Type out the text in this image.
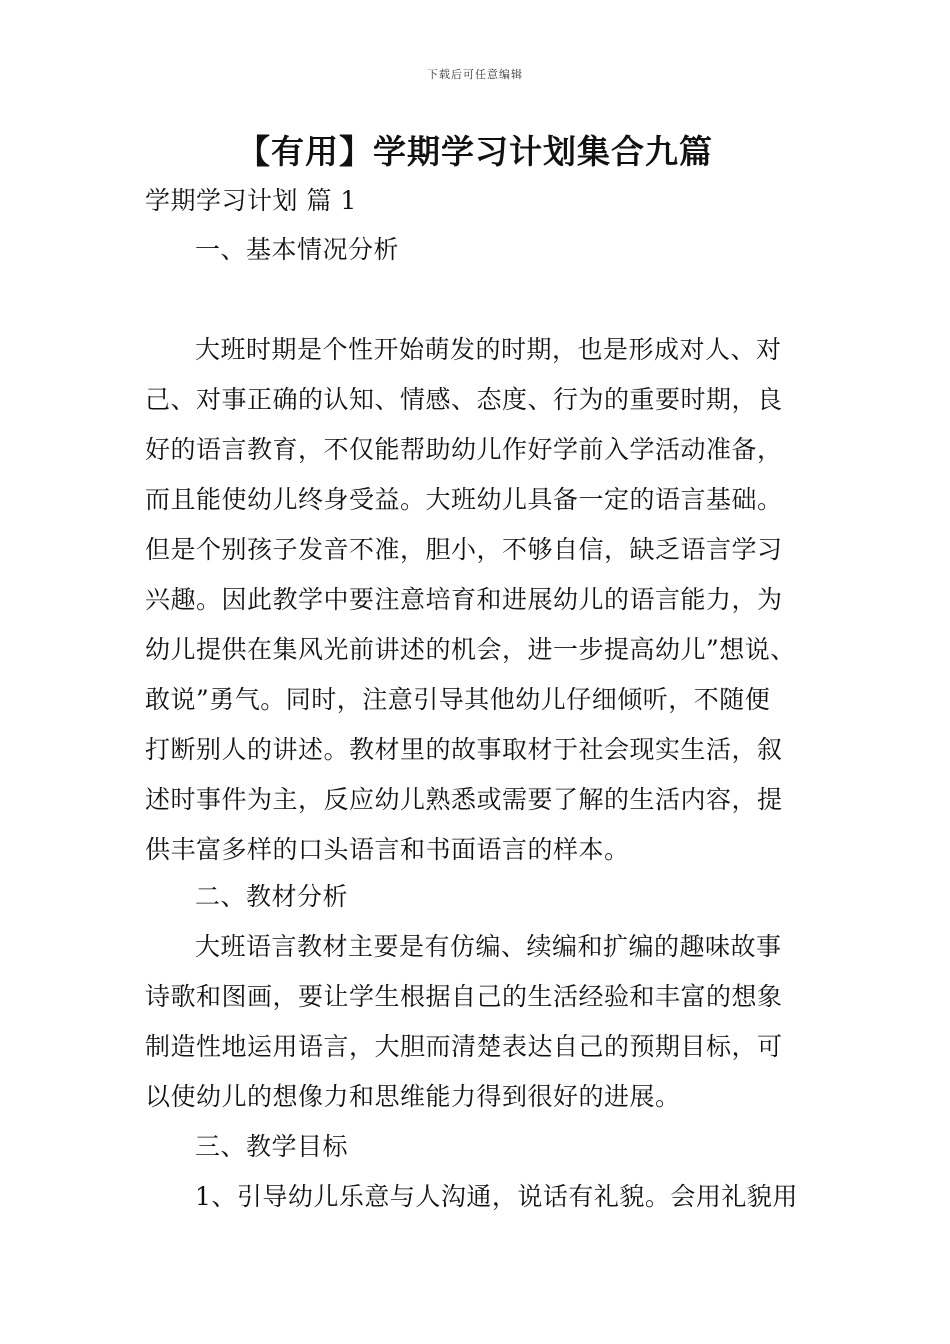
下载后可任意编辑
【有用】学期学习计划集合九篇
学期学习计划 篇 1
一、基本情况分析
大班时期是个性开始萌发的时期，也是形成对人、对
己、对事正确的认知、情感、态度、行为的重要时期，良
好的语言教育，不仅能帮助幼儿作好学前入学活动准备，
而且能使幼儿终身受益。大班幼儿具备一定的语言基础。
但是个别孩子发音不准，胆小，不够自信，缺乏语言学习
兴趣。因此教学中要注意培育和进展幼儿的语言能力，为
幼儿提供在集风光前讲述的机会，进一步提高幼儿”想说、
敢说”勇气。同时，注意引导其他幼儿仔细倾听，不随便
打断别人的讲述。教材里的故事取材于社会现实生活，叙
述时事件为主，反应幼儿熟悉或需要了解的生活内容，提
供丰富多样的口头语言和书面语言的样本。
二、教材分析
大班语言教材主要是有仿编、续编和扩编的趣味故事
诗歌和图画，要让学生根据自己的生活经验和丰富的想象
制造性地运用语言，大胆而清楚表达自己的预期目标，可
以使幼儿的想像力和思维能力得到很好的进展。
三、教学目标
1、引导幼儿乐意与人沟通，说话有礼貌。会用礼貌用
